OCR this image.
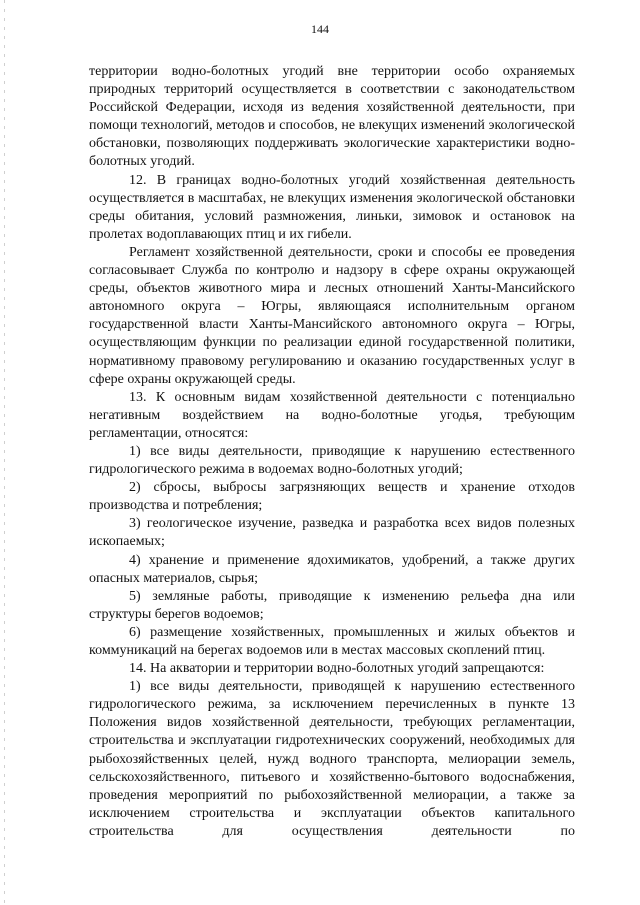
144

территории водно-болотных угодий вне территории особо охраняемых природных территорий осуществляется в соответствии с законодательством Российской Федерации, исходя из ведения хозяйственной деятельности, при помощи технологий, методов и способов, не влекущих изменений экологической обстановки, позволяющих поддерживать экологические характеристики водно-болотных угодий.

12. В границах водно-болотных угодий хозяйственная деятельность осуществляется в масштабах, не влекущих изменения экологической обстановки среды обитания, условий размножения, линьки, зимовок и остановок на пролетах водоплавающих птиц и их гибели.

Регламент хозяйственной деятельности, сроки и способы ее проведения согласовывает Служба по контролю и надзору в сфере охраны окружающей среды, объектов животного мира и лесных отношений Ханты-Мансийского автономного округа – Югры, являющаяся исполнительным органом государственной власти Ханты-Мансийского автономного округа – Югры, осуществляющим функции по реализации единой государственной политики, нормативному правовому регулированию и оказанию государственных услуг в сфере охраны окружающей среды.

13. К основным видам хозяйственной деятельности с потенциально негативным воздействием на водно-болотные угодья, требующим регламентации, относятся:

1) все виды деятельности, приводящие к нарушению естественного гидрологического режима в водоемах водно-болотных угодий;

2) сбросы, выбросы загрязняющих веществ и хранение отходов производства и потребления;

3) геологическое изучение, разведка и разработка всех видов полезных ископаемых;

4) хранение и применение ядохимикатов, удобрений, а также других опасных материалов, сырья;

5) земляные работы, приводящие к изменению рельефа дна или структуры берегов водоемов;

6) размещение хозяйственных, промышленных и жилых объектов и коммуникаций на берегах водоемов или в местах массовых скоплений птиц.

14. На акватории и территории водно-болотных угодий запрещаются:

1) все виды деятельности, приводящей к нарушению естественного гидрологического режима, за исключением перечисленных в пункте 13 Положения видов хозяйственной деятельности, требующих регламентации, строительства и эксплуатации гидротехнических сооружений, необходимых для рыбохозяйственных целей, нужд водного транспорта, мелиорации земель, сельскохозяйственного, питьевого и хозяйственно-бытового водоснабжения, проведения мероприятий по рыбохозяйственной мелиорации, а также за исключением строительства и эксплуатации объектов капитального строительства для осуществления деятельности по
